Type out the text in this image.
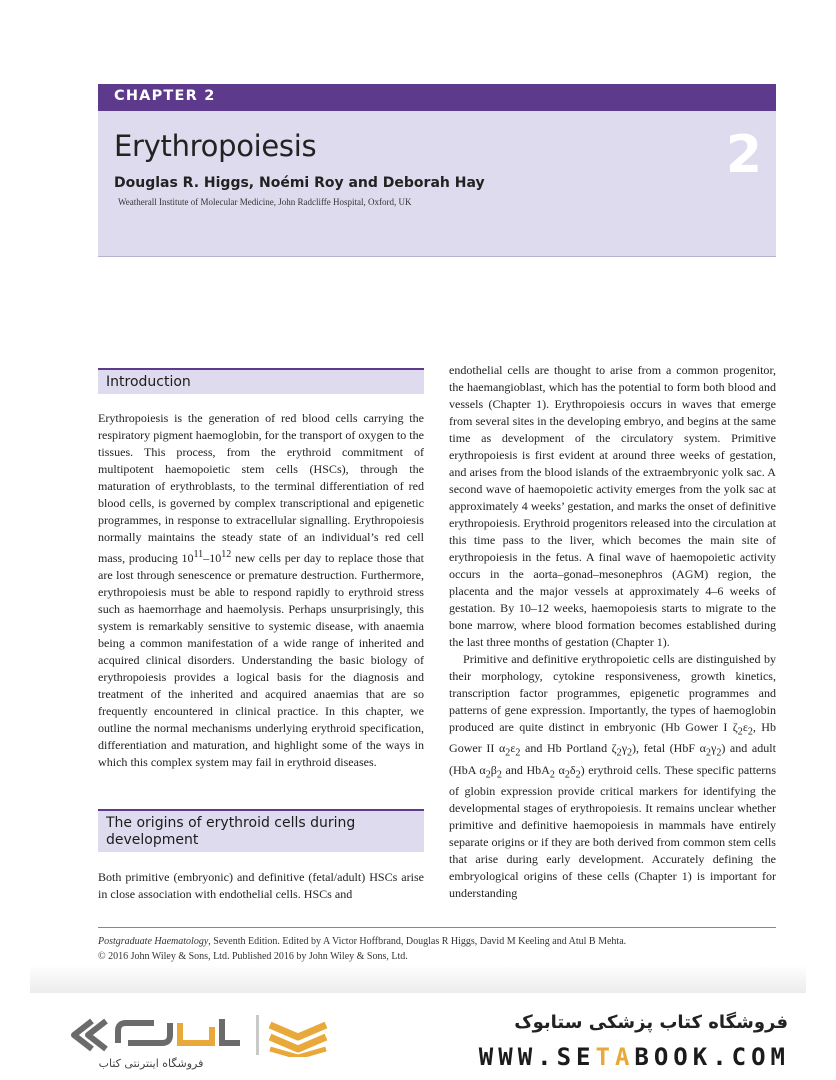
CHAPTER 2
Erythropoiesis	2
Douglas R. Higgs, Noémi Roy and Deborah Hay
Weatherall Institute of Molecular Medicine, John Radcliffe Hospital, Oxford, UK
Introduction

Erythropoiesis is the generation of red blood cells carrying the respiratory pigment haemoglobin, for the transport of oxygen to the tissues. This process, from the erythroid commitment of multipotent haemopoietic stem cells (HSCs), through the maturation of erythroblasts, to the terminal differentiation of red blood cells, is governed by complex transcriptional and epigenetic programmes, in response to extracellular signalling. Erythropoiesis normally maintains the steady state of an individual’s red cell mass, producing $10^{11}-10^{12}$ new cells per day to replace those that are lost through senescence or premature destruction. Furthermore, erythropoiesis must be able to respond rapidly to erythroid stress such as haemorrhage and haemolysis. Perhaps unsurprisingly, this system is remarkably sensitive to systemic disease, with anaemia being a common manifestation of a wide range of inherited and acquired clinical disorders. Understanding the basic biology of erythropoiesis provides a logical basis for the diagnosis and treatment of the inherited and acquired anaemias that are so frequently encountered in clinical practice. In this chapter, we outline the normal mechanisms underlying erythroid specification, differentiation and maturation, and highlight some of the ways in which this complex system may fail in erythroid diseases.

The origins of erythroid cells during development

Both primitive (embryonic) and definitive (fetal/adult) HSCs arise in close association with endothelial cells. HSCs and

endothelial cells are thought to arise from a common progenitor, the haemangioblast, which has the potential to form both blood and vessels (Chapter 1). Erythropoiesis occurs in waves that emerge from several sites in the developing embryo, and begins at the same time as development of the circulatory system. Primitive erythropoiesis is first evident at around three weeks of gestation, and arises from the blood islands of the extraembryonic yolk sac. A second wave of haemopoietic activity emerges from the yolk sac at approximately 4 weeks’ gestation, and marks the onset of definitive erythropoiesis. Erythroid progenitors released into the circulation at this time pass to the liver, which becomes the main site of erythropoiesis in the fetus. A final wave of haemopoietic activity occurs in the aorta–gonad–mesonephros (AGM) region, the placenta and the major vessels at approximately 4–6 weeks of gestation. By 10–12 weeks, haemopoiesis starts to migrate to the bone marrow, where blood formation becomes established during the last three months of gestation (Chapter 1).

Primitive and definitive erythropoietic cells are distinguished by their morphology, cytokine responsiveness, growth kinetics, transcription factor programmes, epigenetic programmes and patterns of gene expression. Importantly, the types of haemoglobin produced are quite distinct in embryonic (Hb Gower I $\zeta_2\varepsilon_2$, Hb Gower II $\alpha_2\varepsilon_2$ and Hb Portland $\zeta_2\gamma_2$), fetal (HbF $\alpha_2\gamma_2$) and adult (HbA $\alpha_2\beta_2$ and HbA$_2$ $\alpha_2\delta_2$) erythroid cells. These specific patterns of globin expression provide critical markers for identifying the developmental stages of erythropoiesis. It remains unclear whether primitive and definitive haemopoiesis in mammals have entirely separate origins or if they are both derived from common stem cells that arise during early development. Accurately defining the embryological origins of these cells (Chapter 1) is important for understanding

Postgraduate Haematology, Seventh Edition. Edited by A Victor Hoffbrand, Douglas R Higgs, David M Keeling and Atul B Mehta.
© 2016 John Wiley & Sons, Ltd. Published 2016 by John Wiley & Sons, Ltd.
فروشگاه اینترنتی کتاب
فروشگاه کتاب پزشکی ستابوک
WWW.SETABOOK.COM
